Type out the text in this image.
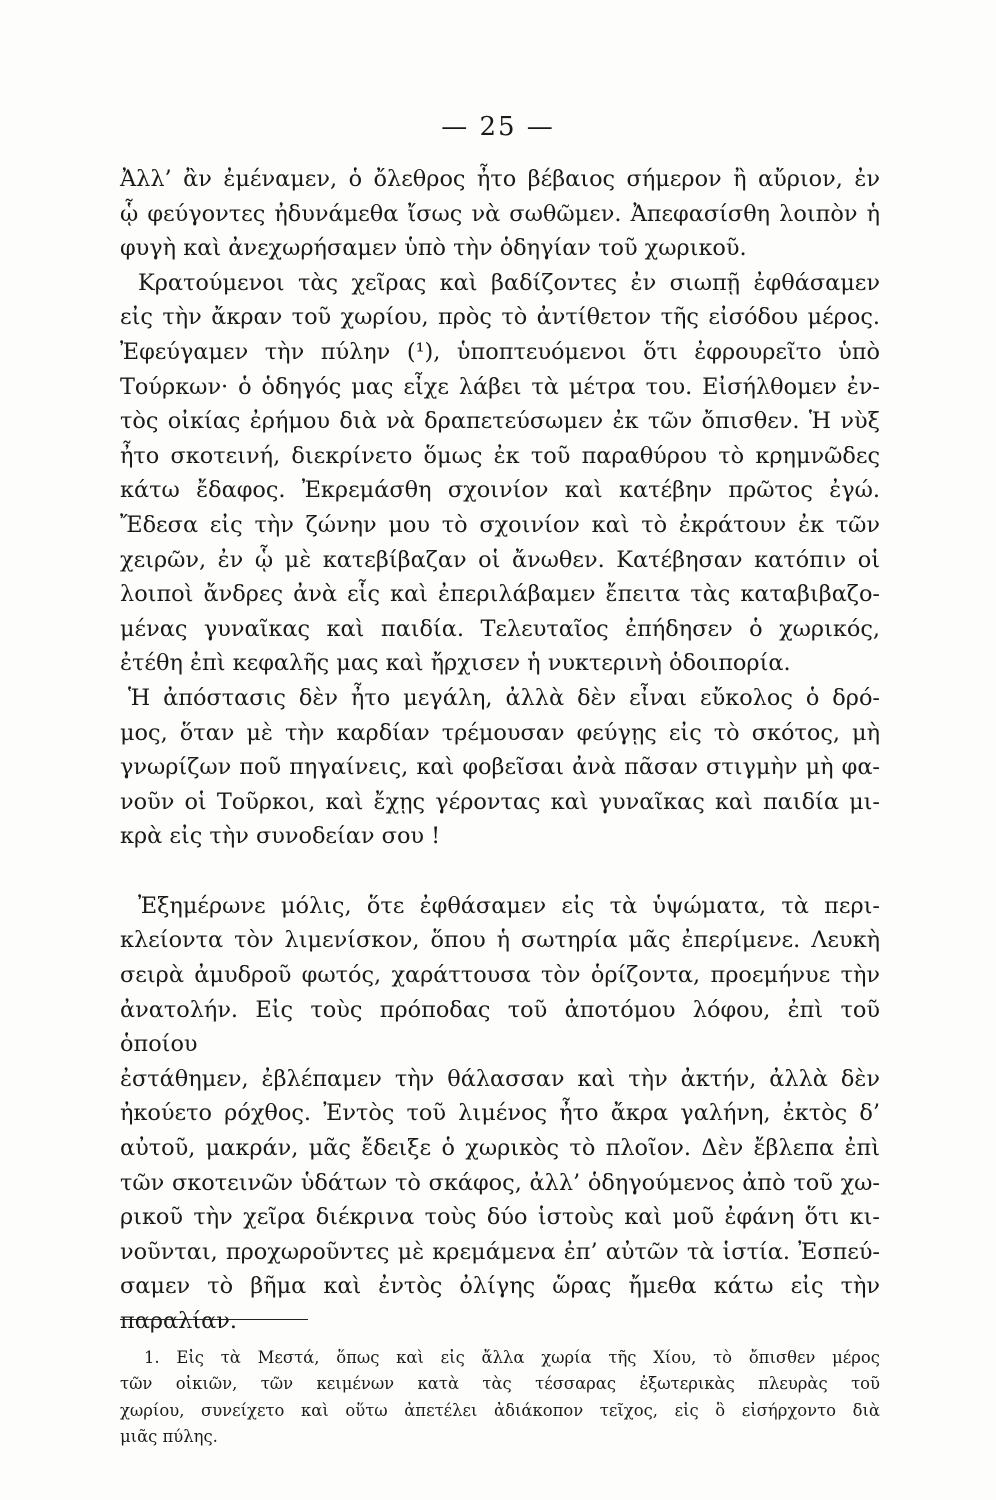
— 25 —

Ἀλλ’ ἂν ἐμέναμεν, ὁ ὄλεθρος ἦτο βέβαιος σήμερον ἢ αὔριον, ἐν

ᾧ φεύγοντες ἠδυνάμεθα ἴσως νὰ σωθῶμεν. Ἀπεφασίσθη λοιπὸν ἡ

φυγὴ καὶ ἀνεχωρήσαμεν ὑπὸ τὴν ὁδηγίαν τοῦ χωρικοῦ.

Κρατούμενοι τὰς χεῖρας καὶ βαδίζοντες ἐν σιωπῇ ἐφθάσαμεν

εἰς τὴν ἄκραν τοῦ χωρίου, πρὸς τὸ ἀντίθετον τῆς εἰσόδου μέρος.

Ἐφεύγαμεν τὴν πύλην (¹), ὑποπτευόμενοι ὅτι ἐφρουρεῖτο ὑπὸ

Τούρκων· ὁ ὁδηγός μας εἶχε λάβει τὰ μέτρα του. Εἰσήλθομεν ἐν-

τὸς οἰκίας ἐρήμου διὰ νὰ δραπετεύσωμεν ἐκ τῶν ὄπισθεν. Ἡ νὺξ

ἦτο σκοτεινή, διεκρίνετο ὅμως ἐκ τοῦ παραθύρου τὸ κρημνῶδες

κάτω ἔδαφος. Ἐκρεμάσθη σχοινίον καὶ κατέβην πρῶτος ἐγώ.

Ἔδεσα εἰς τὴν ζώνην μου τὸ σχοινίον καὶ τὸ ἐκράτουν ἐκ τῶν

χειρῶν, ἐν ᾧ μὲ κατεβίβαζαν οἱ ἄνωθεν. Κατέβησαν κατόπιν οἱ

λοιποὶ ἄνδρες ἀνὰ εἷς καὶ ἐπεριλάβαμεν ἔπειτα τὰς καταβιβαζο-

μένας γυναῖκας καὶ παιδία. Τελευταῖος ἐπήδησεν ὁ χωρικός,

ἐτέθη ἐπὶ κεφαλῆς μας καὶ ἤρχισεν ἡ νυκτερινὴ ὁδοιπορία.

Ἡ ἀπόστασις δὲν ἦτο μεγάλη, ἀλλὰ δὲν εἶναι εὔκολος ὁ δρό-

μος, ὅταν μὲ τὴν καρδίαν τρέμουσαν φεύγῃς εἰς τὸ σκότος, μὴ

γνωρίζων ποῦ πηγαίνεις, καὶ φοβεῖσαι ἀνὰ πᾶσαν στιγμὴν μὴ φα-

νοῦν οἱ Τοῦρκοι, καὶ ἔχῃς γέροντας καὶ γυναῖκας καὶ παιδία μι-

κρὰ εἰς τὴν συνοδείαν σου !

Ἐξημέρωνε μόλις, ὅτε ἐφθάσαμεν εἰς τὰ ὑψώματα, τὰ περι-

κλείοντα τὸν λιμενίσκον, ὅπου ἡ σωτηρία μᾶς ἐπερίμενε. Λευκὴ

σειρὰ ἀμυδροῦ φωτός, χαράττουσα τὸν ὁρίζοντα, προεμήνυε τὴν

ἀνατολήν. Εἰς τοὺς πρόποδας τοῦ ἀποτόμου λόφου, ἐπὶ τοῦ ὁποίου

ἐστάθημεν, ἐβλέπαμεν τὴν θάλασσαν καὶ τὴν ἀκτήν, ἀλλὰ δὲν

ἠκούετο ρόχθος. Ἐντὸς τοῦ λιμένος ἦτο ἄκρα γαλήνη, ἐκτὸς δ’

αὐτοῦ, μακράν, μᾶς ἔδειξε ὁ χωρικὸς τὸ πλοῖον. Δὲν ἔβλεπα ἐπὶ

τῶν σκοτεινῶν ὑδάτων τὸ σκάφος, ἀλλ’ ὁδηγούμενος ἀπὸ τοῦ χω-

ρικοῦ τὴν χεῖρα διέκρινα τοὺς δύο ἱστοὺς καὶ μοῦ ἐφάνη ὅτι κι-

νοῦνται, προχωροῦντες μὲ κρεμάμενα ἐπ’ αὐτῶν τὰ ἱστία. Ἐσπεύ-

σαμεν τὸ βῆμα καὶ ἐντὸς ὀλίγης ὥρας ἤμεθα κάτω εἰς τὴν παραλίαν.

1. Εἰς τὰ Μεστά, ὅπως καὶ εἰς ἄλλα χωρία τῆς Χίου, τὸ ὄπισθεν μέρος

τῶν οἰκιῶν, τῶν κειμένων κατὰ τὰς τέσσαρας ἐξωτερικὰς πλευρὰς τοῦ

χωρίου, συνείχετο καὶ οὕτω ἀπετέλει ἀδιάκοπον τεῖχος, εἰς ὃ εἰσήρχοντο διὰ

μιᾶς πύλης.
